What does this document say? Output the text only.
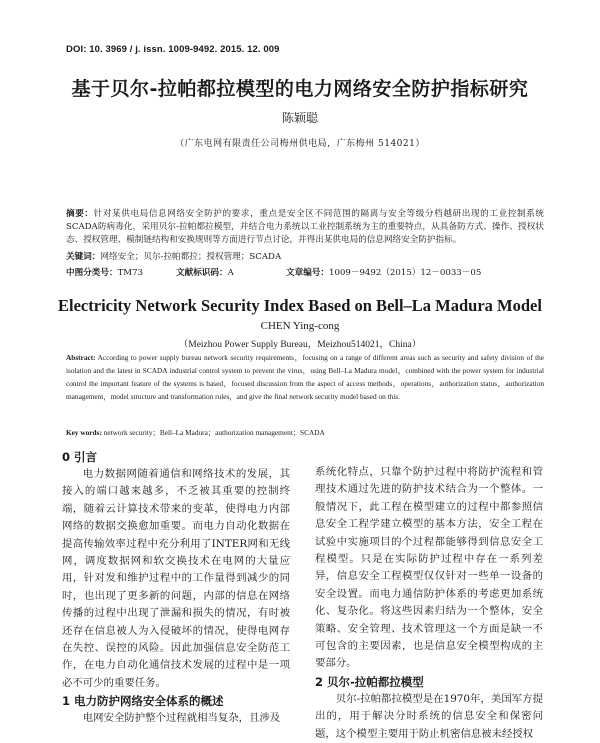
DOI: 10. 3969 / j. issn. 1009-9492. 2015. 12. 009
基于贝尔-拉帕都拉模型的电力网络安全防护指标研究
陈颖聪
（广东电网有限责任公司梅州供电局，广东梅州 514021）
摘要：针对某供电局信息网络安全防护的要求，重点是安全区不同范围的隔离与安全等级分档越研出现的工业控制系统SCADA防病毒化，采用贝尔-拉帕都拉模型，并结合电力系统以工业控制系统为主的重要特点，从具备防方式、操作、授权状态、授权管理、模制链结构和安换规则等方面进行节点讨论，并得出某供电局的信息网络安全防护指标。
关键词：网络安全；贝尔-拉帕都拉；授权管理；SCADA
中图分类号：TM73	文献标识码：A	文章编号：1009－9492（2015）12－0033－05
Electricity Network Security Index Based on Bell–La Madura Model
CHEN Ying-cong
（Meizhou Power Supply Bureau，Meizhou514021，China）
Abstract: According to power supply bureau network security requirements，focusing on a range of different areas such as security and safety division of the isolation and the latest in SCADA industrial control system to prevent the virus，using Bell–La Madura model，combined with the power system for industrial control the important feature of the systems is based，focused discussion from the aspect of access methods，operations，authorization status，authorization management，model structure and transformation rules，and give the final network security model based on this.
Key words: network security；Bell–La Madura；authorization management；SCADA
0 引言

电力数据网随着通信和网络技术的发展，其接入的端口越来越多，不乏被其重要的控制终端，随着云计算技术带来的变革，使得电力内部网络的数据交换愈加重要。而电力自动化数据在提高传输效率过程中充分利用了INTER网和无线网，调度数据网和软交换技术在电网的大量应用，针对发和维护过程中的工作量得到减少的同时，也出现了更多新的问题，内部的信息在网络传播的过程中出现了泄漏和损失的情况，有时被还存在信息被人为入侵破坏的情况，使得电网存在失控、误控的风险。因此加强信息安全防范工作，在电力自动化通信技术发展的过程中是一项必不可少的重要任务。

1 电力防护网络安全体系的概述

电网安全防护整个过程就相当复杂，且涉及

系统化特点，只靠个防护过程中将防护流程和管理技术通过先进的防护技术结合为一个整体。一般情况下，此工程在模型建立的过程中都参照信息安全工程学建立模型的基本方法，安全工程在试验中实施项目的个过程都能够得到信息安全工程模型。只是在实际防护过程中存在一系列差异，信息安全工程模型仅仅针对一些单一设备的安全设置。而电力通信防护体系的考虑更加系统化、复杂化。将这些因素归结为一个整体，安全策略、安全管理、技术管理这一个方面是缺一不可包含的主要因素，也是信息安全模型构成的主要部分。

2 贝尔-拉帕都拉模型

贝尔-拉帕都拉模型是在1970年，美国军方提出的，用于解决分时系统的信息安全和保密问题，这个模型主要用于防止机密信息被未经授权
